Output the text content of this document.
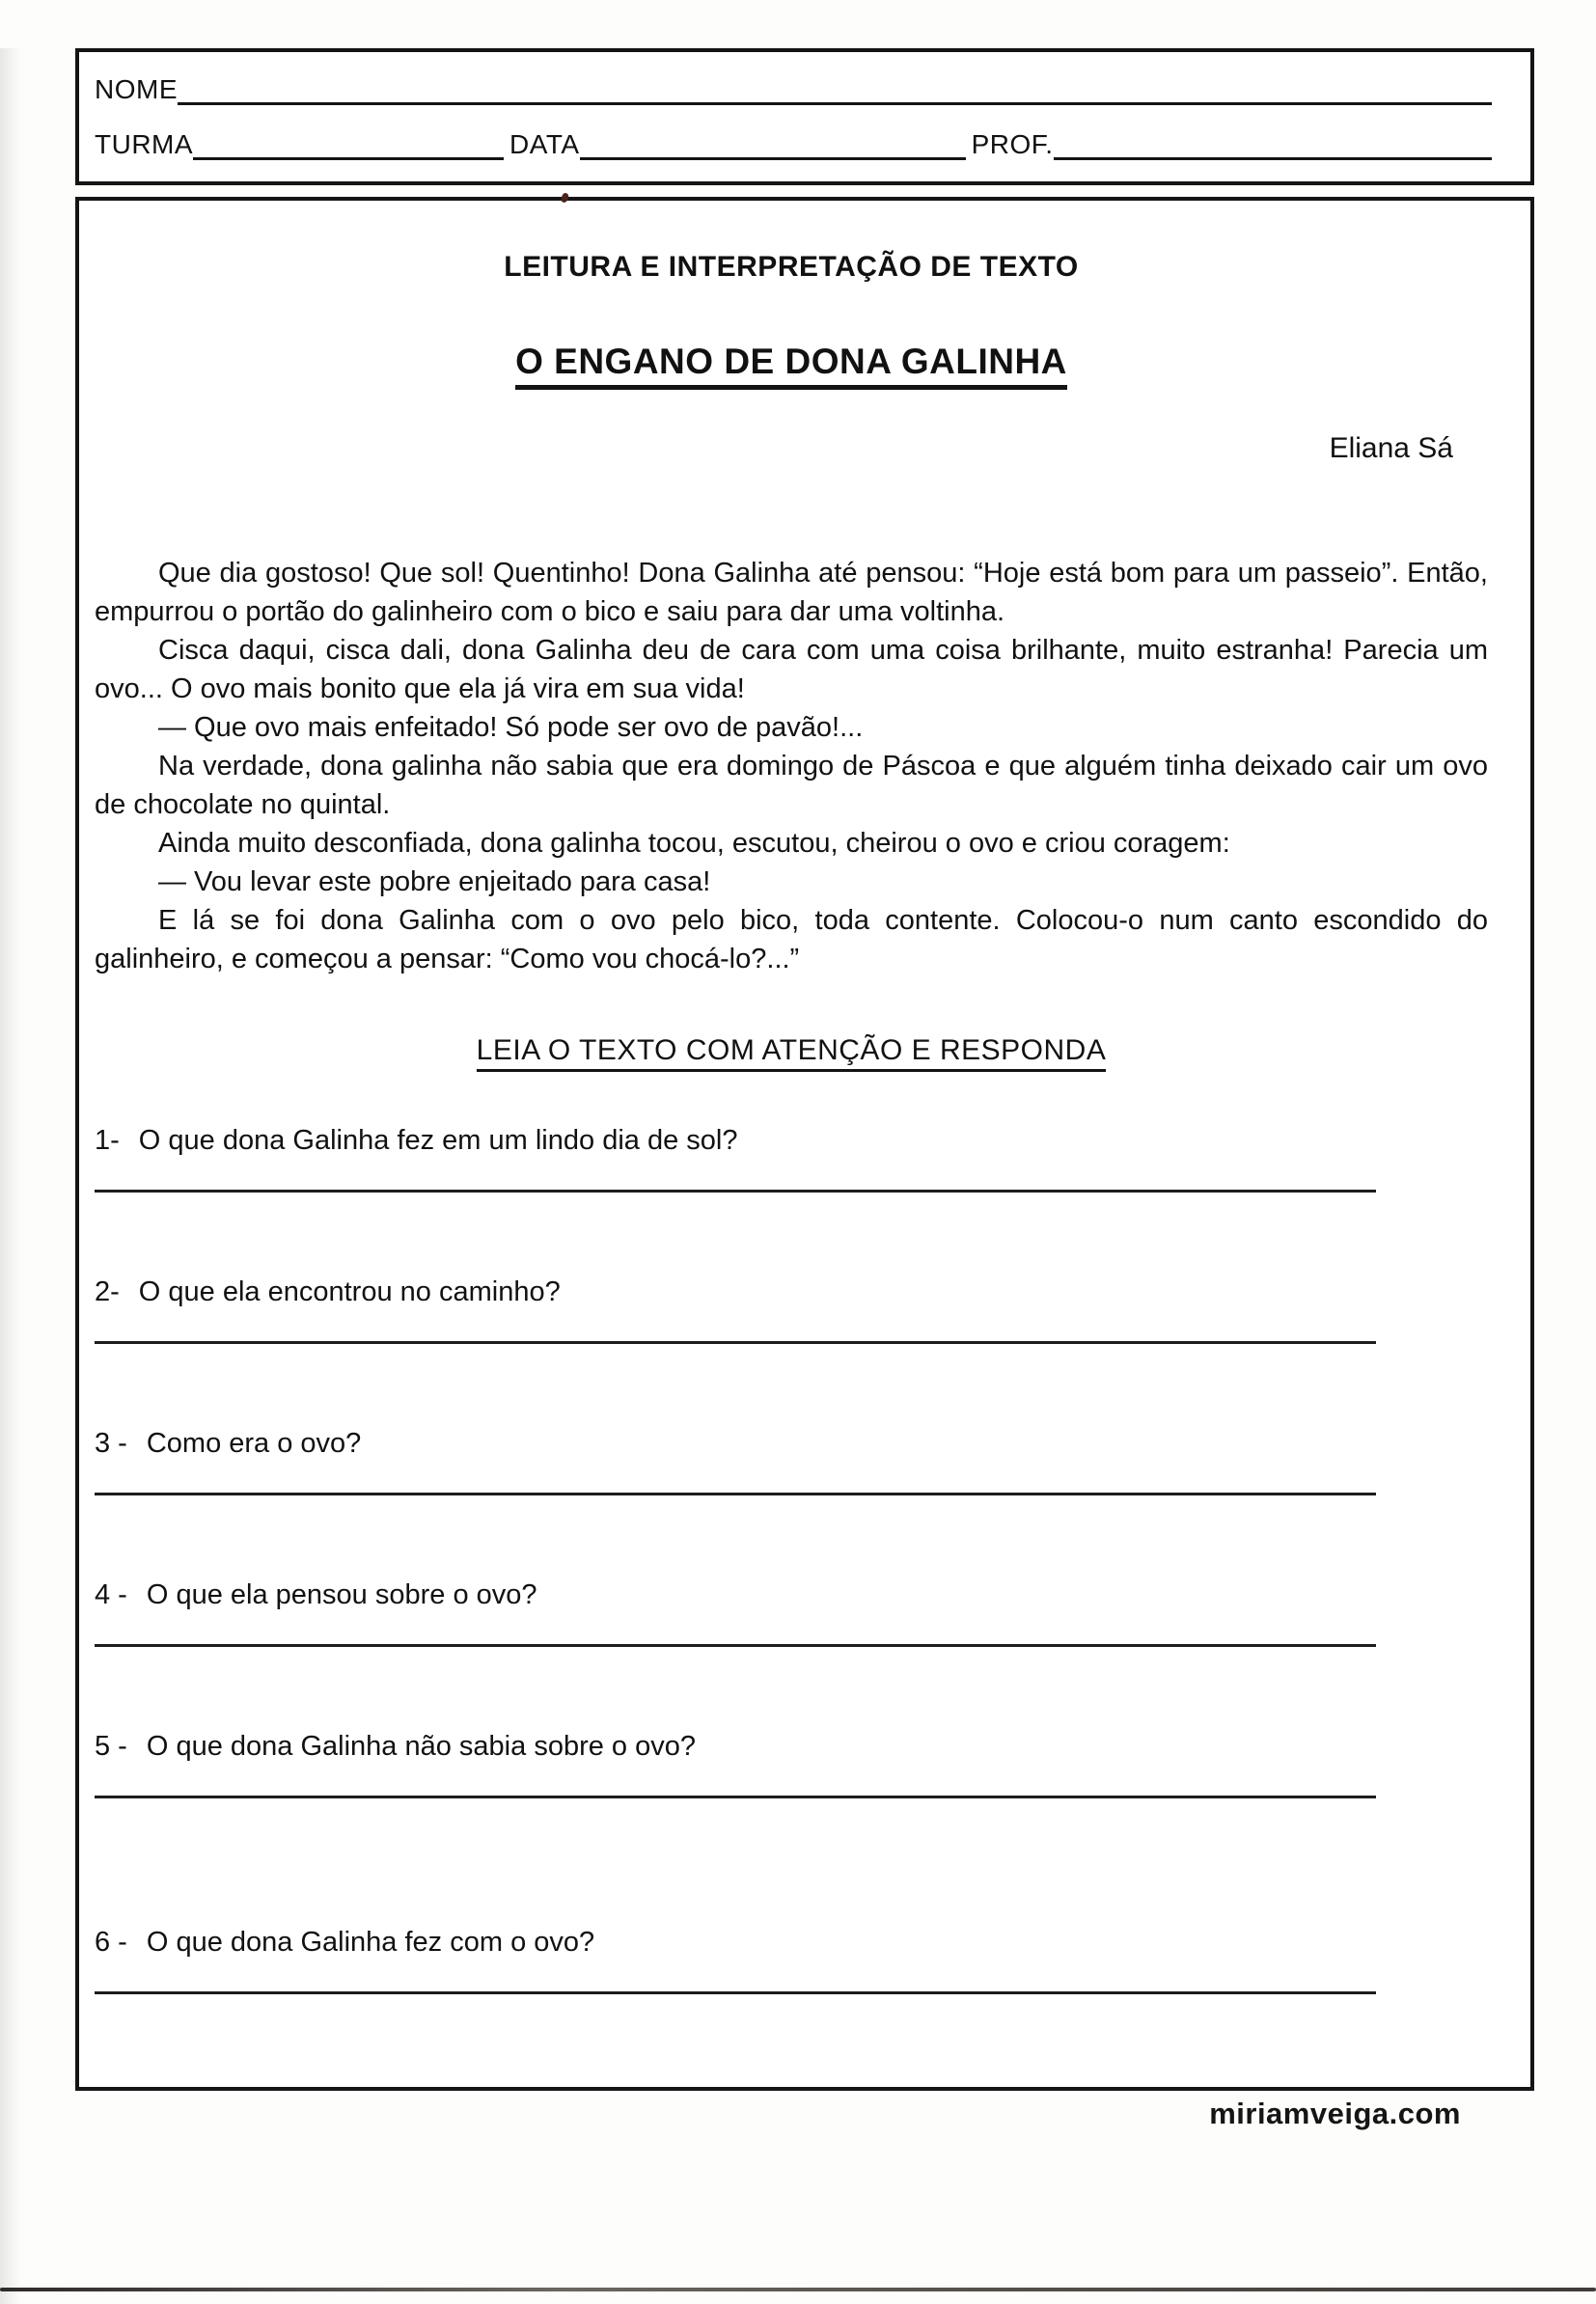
NOME
TURMA	DATA	PROF.
LEITURA E INTERPRETAÇÃO DE TEXTO
O ENGANO DE DONA GALINHA
Eliana Sá

Que dia gostoso! Que sol! Quentinho! Dona Galinha até pensou: “Hoje está bom para um passeio”. Então, empurrou o portão do galinheiro com o bico e saiu para dar uma voltinha.

Cisca daqui, cisca dali, dona Galinha deu de cara com uma coisa brilhante, muito estranha! Parecia um ovo... O ovo mais bonito que ela já vira em sua vida!

— Que ovo mais enfeitado! Só pode ser ovo de pavão!...

Na verdade, dona galinha não sabia que era domingo de Páscoa e que alguém tinha deixado cair um ovo de chocolate no quintal.

Ainda muito desconfiada, dona galinha tocou, escutou, cheirou o ovo e criou coragem:

— Vou levar este pobre enjeitado para casa!

E lá se foi dona Galinha com o ovo pelo bico, toda contente. Colocou-o num canto escondido do galinheiro, e começou a pensar: “Como vou chocá-lo?...”

LEIA O TEXTO COM ATENÇÃO E RESPONDA
1- O que dona Galinha fez em um lindo dia de sol?
2- O que ela encontrou no caminho?
3 - Como era o ovo?
4 - O que ela pensou sobre o ovo?
5 - O que dona Galinha não sabia sobre o ovo?
6 - O que dona Galinha fez com o ovo?
miriamveiga.com
